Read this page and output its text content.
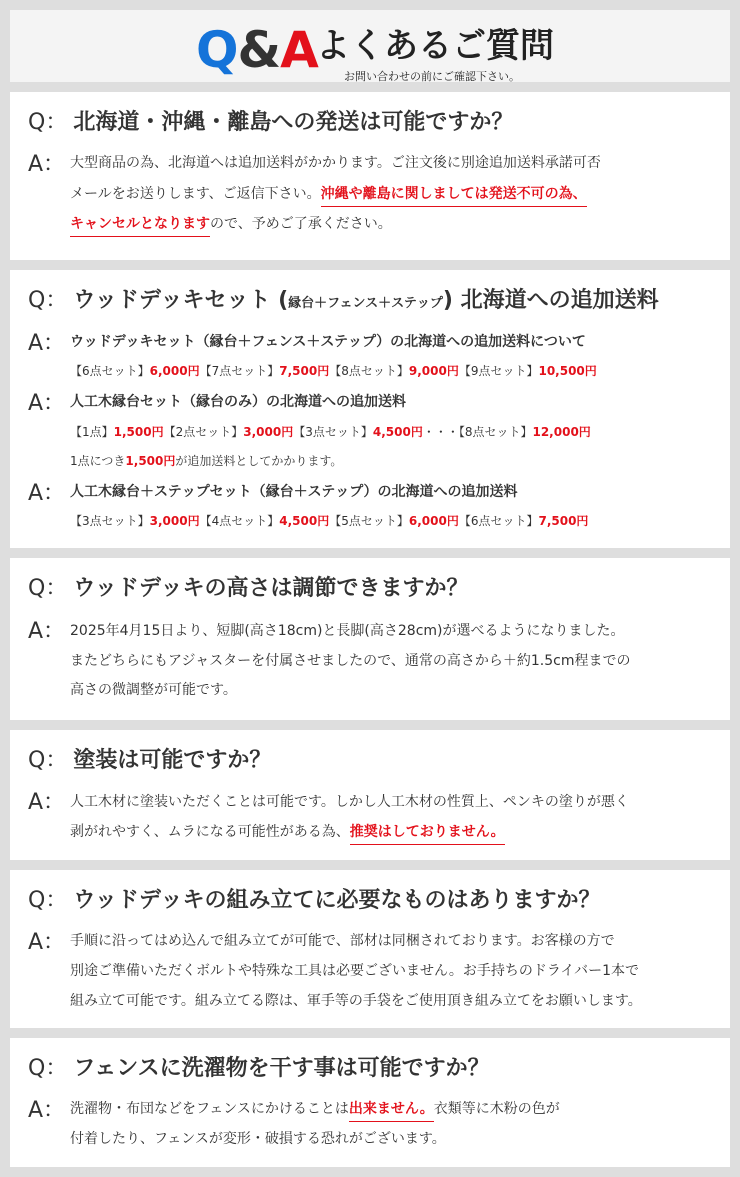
Q&A
よくあるご質問
お問い合わせの前にご確認下さい。
Q： 北海道・沖縄・離島への発送は可能ですか？
A： 大型商品の為、北海道へは追加送料がかかります。ご注文後に別途追加送料承諾可否
メールをお送りします、ご返信下さい。沖縄や離島に関しましては発送不可の為、
キャンセルとなりますので、予めご了承ください。
Q： ウッドデッキセット (縁台＋フェンス＋ステップ) 北海道への追加送料
A： ウッドデッキセット（縁台＋フェンス＋ステップ）の北海道への追加送料について
【6点セット】6,000円【7点セット】7,500円【8点セット】9,000円【9点セット】10,500円
A： 人工木縁台セット（縁台のみ）の北海道への追加送料
【1点】1,500円【2点セット】3,000円【3点セット】4,500円・・・【8点セット】12,000円
1点につき1,500円が追加送料としてかかります。
A： 人工木縁台＋ステップセット（縁台＋ステップ）の北海道への追加送料
【3点セット】3,000円【4点セット】4,500円【5点セット】6,000円【6点セット】7,500円
Q： ウッドデッキの高さは調節できますか？
A： 2025年4月15日より、短脚(高さ18cm)と長脚(高さ28cm)が選べるようになりました。
またどちらにもアジャスターを付属させましたので、通常の高さから＋約1.5cm程までの
高さの微調整が可能です。
Q： 塗装は可能ですか？
A： 人工木材に塗装いただくことは可能です。しかし人工木材の性質上、ペンキの塗りが悪く
剥がれやすく、ムラになる可能性がある為、推奨はしておりません。
Q： ウッドデッキの組み立てに必要なものはありますか？
A： 手順に沿ってはめ込んで組み立てが可能で、部材は同梱されております。お客様の方で
別途ご準備いただくボルトや特殊な工具は必要ございません。お手持ちのドライバー1本で
組み立て可能です。組み立てる際は、軍手等の手袋をご使用頂き組み立てをお願いします。
Q： フェンスに洗濯物を干す事は可能ですか？
A： 洗濯物・布団などをフェンスにかけることは出来ません。衣類等に木粉の色が
付着したり、フェンスが変形・破損する恐れがございます。
